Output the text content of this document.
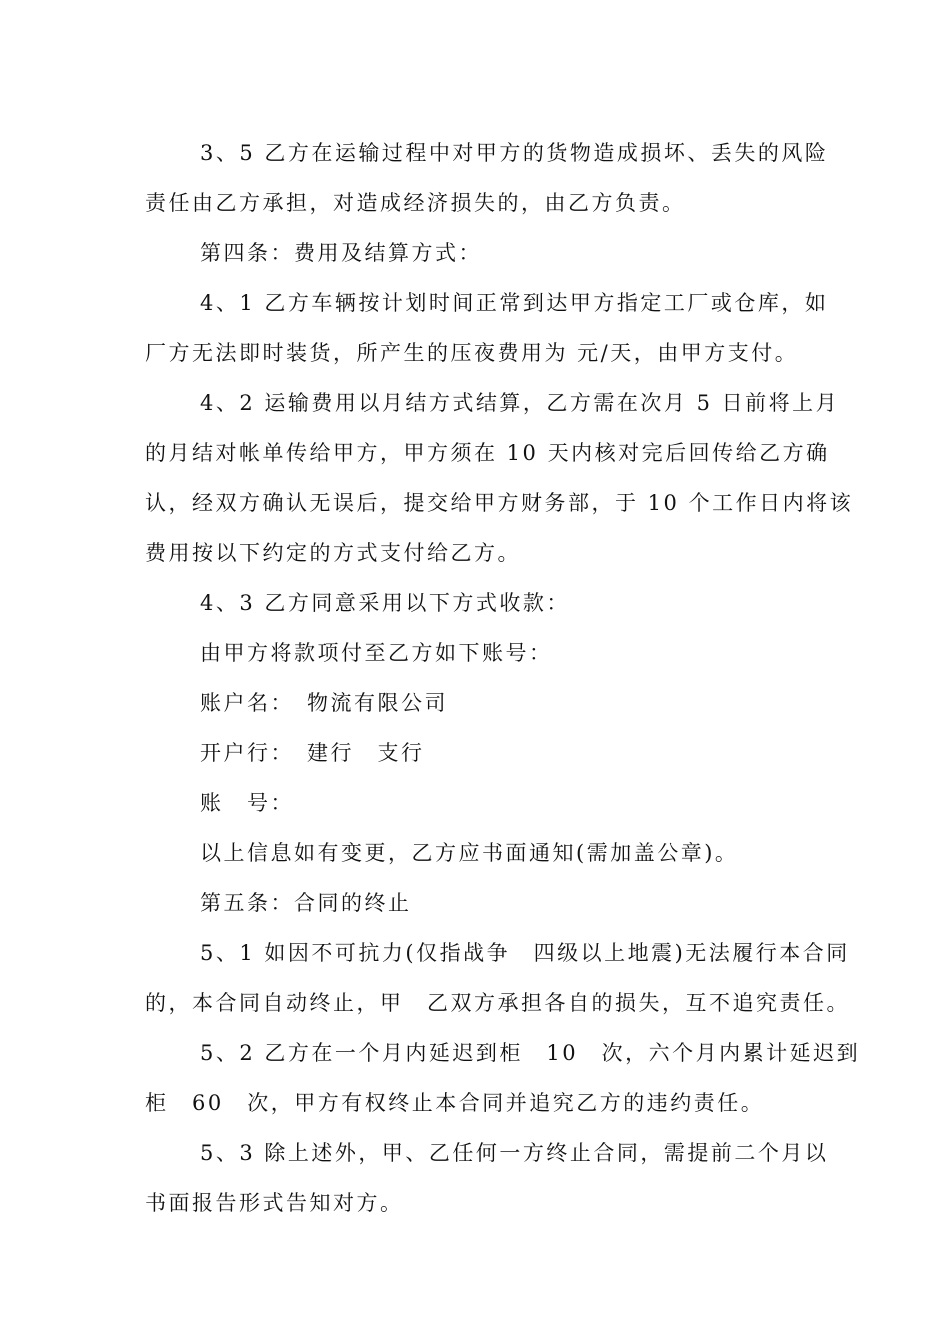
3、5 乙方在运输过程中对甲方的货物造成损坏、丢失的风险
责任由乙方承担，对造成经济损失的，由乙方负责。
第四条：费用及结算方式：
4、1 乙方车辆按计划时间正常到达甲方指定工厂或仓库，如
厂方无法即时装货，所产生的压夜费用为 元/天，由甲方支付。
4、2 运输费用以月结方式结算，乙方需在次月 5 日前将上月
的月结对帐单传给甲方，甲方须在 10 天内核对完后回传给乙方确
认，经双方确认无误后，提交给甲方财务部，于 10 个工作日内将该
费用按以下约定的方式支付给乙方。
4、3 乙方同意采用以下方式收款：
由甲方将款项付至乙方如下账号：
账户名：　物流有限公司
开户行：　建行　支行
账　号：
以上信息如有变更，乙方应书面通知(需加盖公章)。
第五条：合同的终止
5、1 如因不可抗力(仅指战争　四级以上地震)无法履行本合同
的，本合同自动终止，甲　乙双方承担各自的损失，互不追究责任。
5、2 乙方在一个月内延迟到柜　10　次，六个月内累计延迟到
柜　60　次，甲方有权终止本合同并追究乙方的违约责任。
5、3 除上述外，甲、乙任何一方终止合同，需提前二个月以
书面报告形式告知对方。
